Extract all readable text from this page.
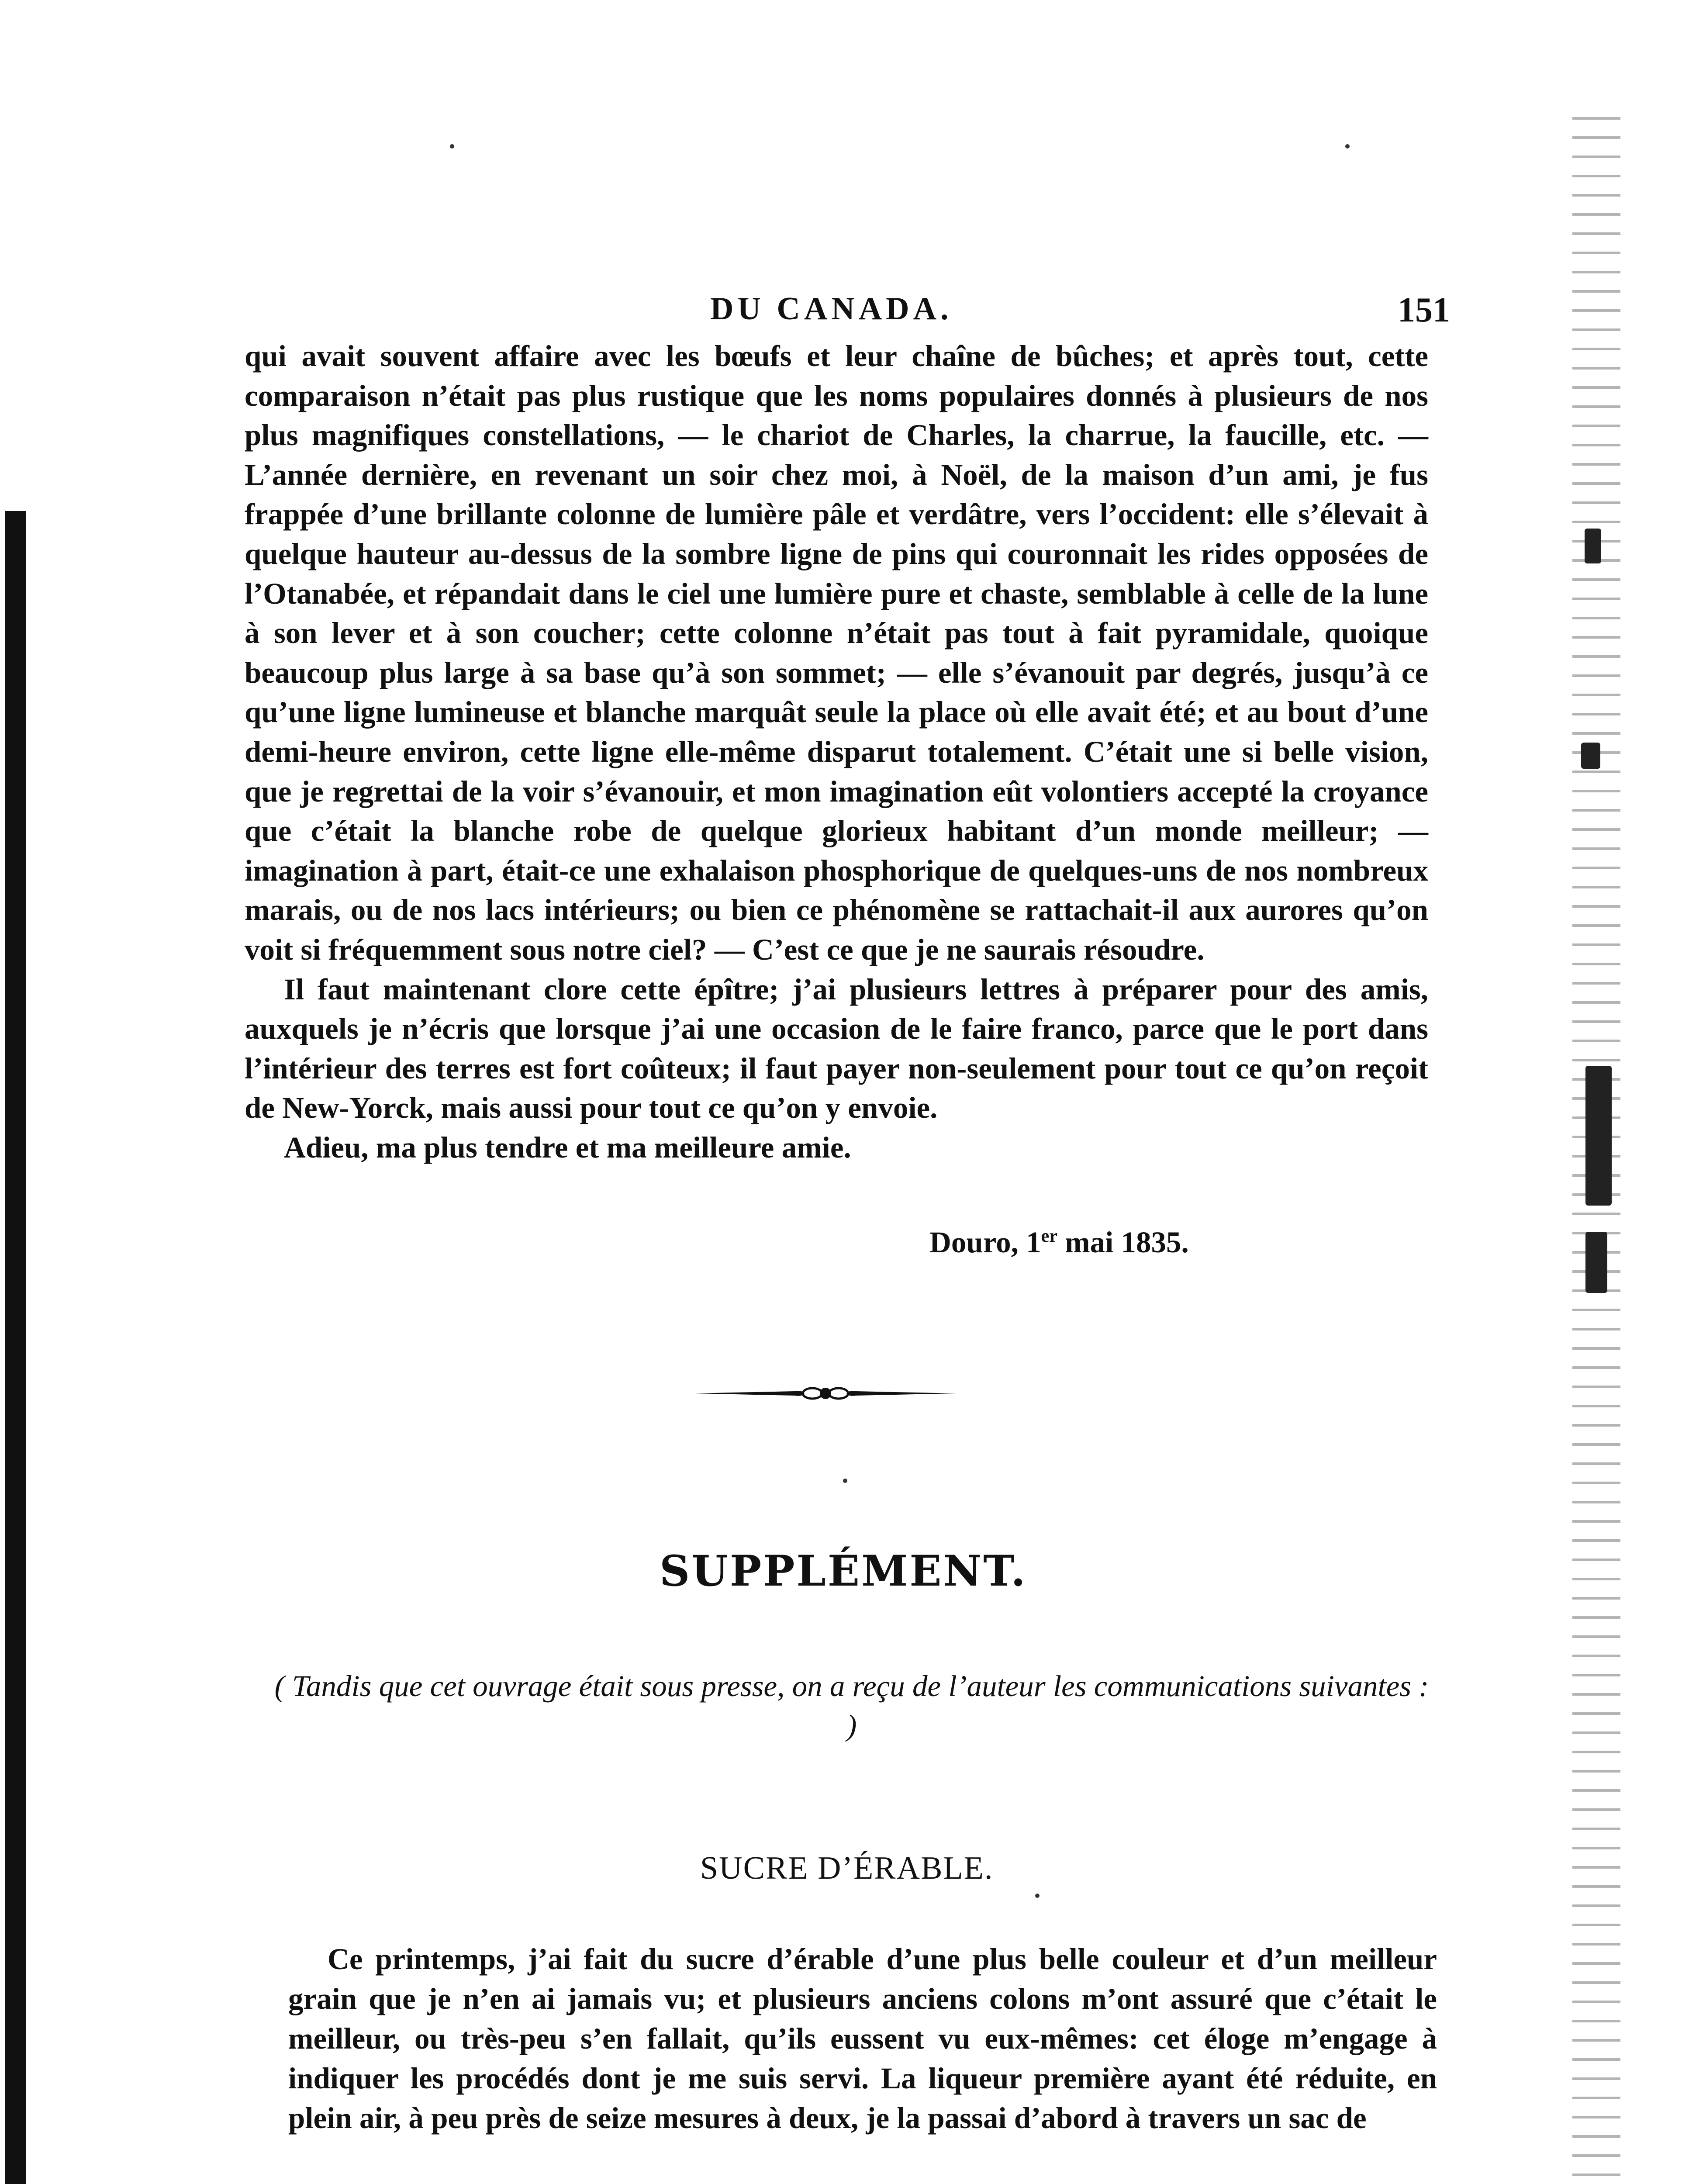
DU CANADA.	151

qui avait souvent affaire avec les bœufs et leur chaîne de bûches; et après tout, cette comparaison n’était pas plus rustique que les noms populaires donnés à plusieurs de nos plus magnifiques constellations, — le chariot de Charles, la charrue, la faucille, etc. — L’année dernière, en revenant un soir chez moi, à Noël, de la maison d’un ami, je fus frappée d’une brillante colonne de lumière pâle et verdâtre, vers l’occident: elle s’élevait à quelque hauteur au-dessus de la sombre ligne de pins qui couronnait les rides opposées de l’Otanabée, et répandait dans le ciel une lumière pure et chaste, semblable à celle de la lune à son lever et à son coucher; cette colonne n’était pas tout à fait pyramidale, quoique beaucoup plus large à sa base qu’à son sommet; — elle s’évanouit par degrés, jusqu’à ce qu’une ligne lumineuse et blanche marquât seule la place où elle avait été; et au bout d’une demi-heure environ, cette ligne elle-même disparut totalement. C’était une si belle vision, que je regrettai de la voir s’évanouir, et mon imagination eût volontiers accepté la croyance que c’était la blanche robe de quelque glorieux habitant d’un monde meilleur; — imagination à part, était-ce une exhalaison phosphorique de quelques-uns de nos nombreux marais, ou de nos lacs intérieurs; ou bien ce phénomène se rattachait-il aux aurores qu’on voit si fréquemment sous notre ciel? — C’est ce que je ne saurais résoudre.

Il faut maintenant clore cette épître; j’ai plusieurs lettres à préparer pour des amis, auxquels je n’écris que lorsque j’ai une occasion de le faire franco, parce que le port dans l’intérieur des terres est fort coûteux; il faut payer non-seulement pour tout ce qu’on reçoit de New-Yorck, mais aussi pour tout ce qu’on y envoie.

Adieu, ma plus tendre et ma meilleure amie.

Douro, 1er mai 1835.
SUPPLÉMENT.

( Tandis que cet ouvrage était sous presse, on a reçu de l’auteur les communications suivantes : )

SUCRE D’ÉRABLE.

Ce printemps, j’ai fait du sucre d’érable d’une plus belle couleur et d’un meilleur grain que je n’en ai jamais vu; et plusieurs anciens colons m’ont assuré que c’était le meilleur, ou très-peu s’en fallait, qu’ils eussent vu eux-mêmes: cet éloge m’engage à indiquer les procédés dont je me suis servi. La liqueur première ayant été réduite, en plein air, à peu près de seize mesures à deux, je la passai d’abord à travers un sac de
